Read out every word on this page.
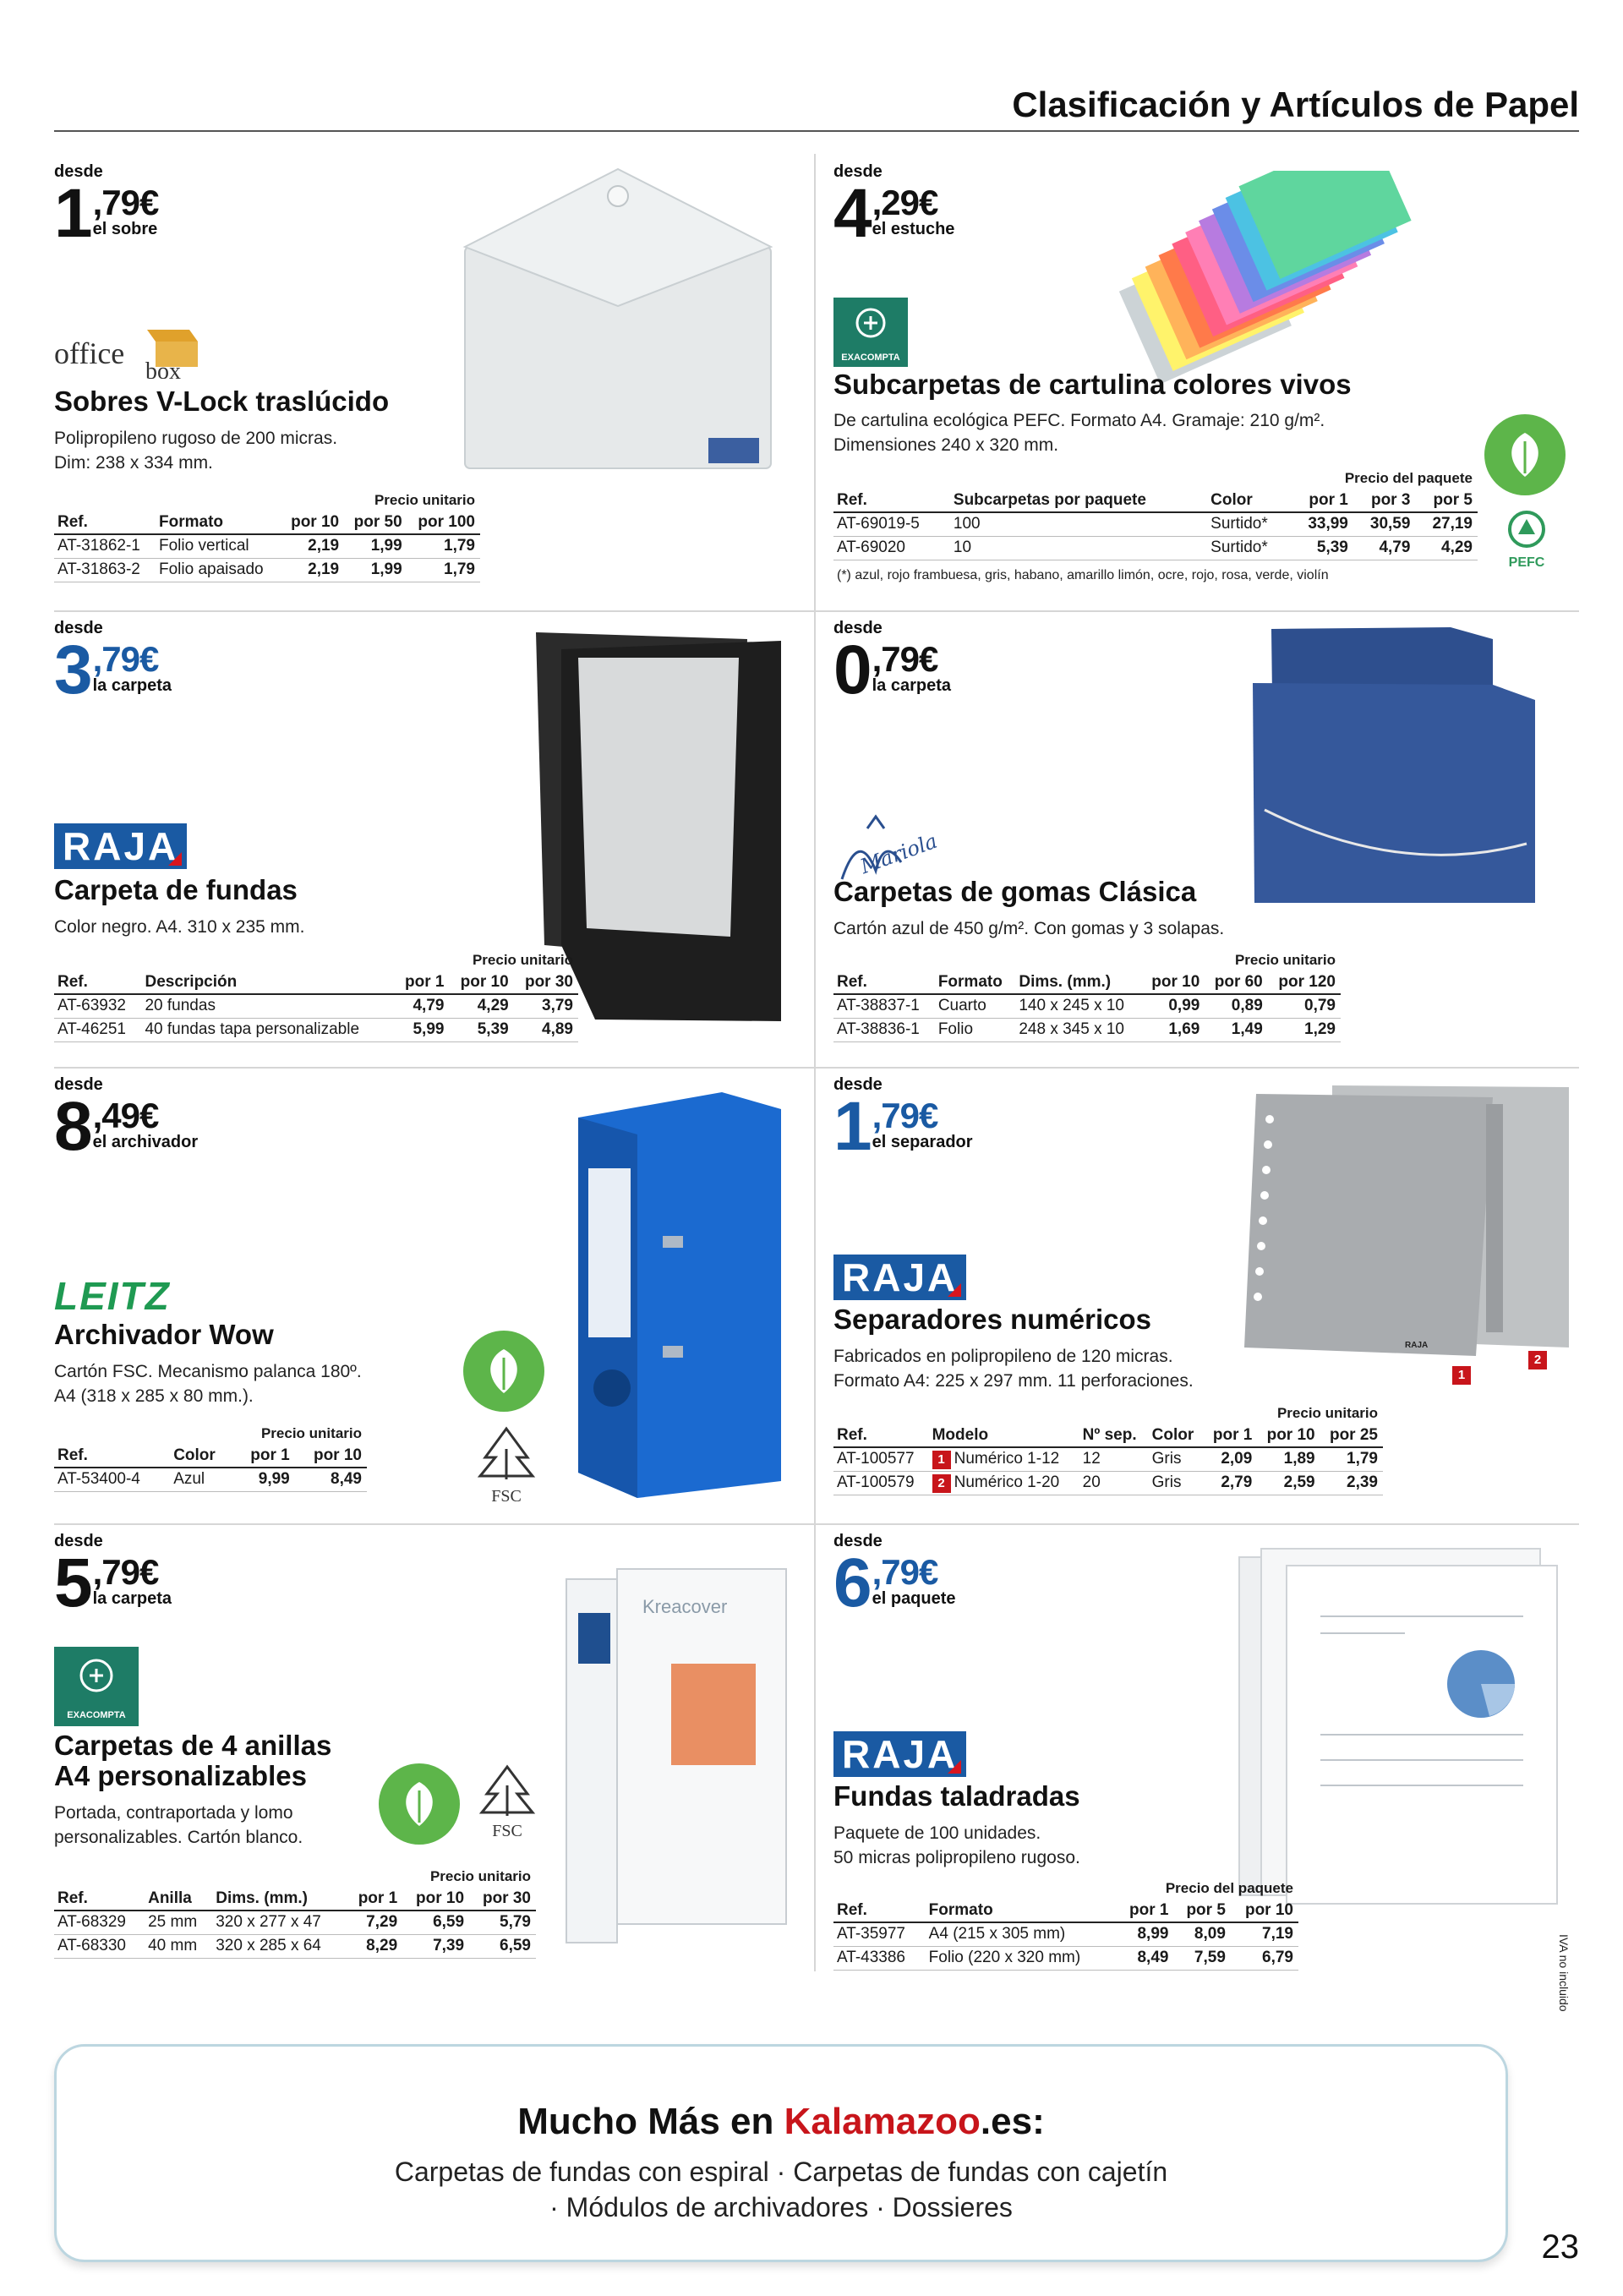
Clasificación y Artículos de Papel
desde
1 ,79€
el sobre
office
box
Sobres V-Lock traslúcido
Polipropileno rugoso de 200 micras.
Dim: 238 x 334 mm.
Precio unitario				
Ref.	Formato	por 10	por 50	por 100
AT-31862-1	Folio vertical	2,19	1,99	1,79
AT-31863-2	Folio apaisado	2,19	1,99	1,79
desde
4 ,29€
el estuche
EXACOMPTA
Subcarpetas de cartulina colores vivos
De cartulina ecológica PEFC. Formato A4. Gramaje: 210 g/m².
Dimensiones 240 x 320 mm.
Precio del paquete					
Ref.	Subcarpetas por paquete	Color	por 1	por 3	por 5
AT-69019-5	100	Surtido*	33,99	30,59	27,19
AT-69020	10	Surtido*	5,39	4,79	4,29
(*) azul, rojo frambuesa, gris, habano, amarillo limón, ocre, rojo, rosa, verde, violín
PEFC
desde
3 ,79€
la carpeta
RAJA
Carpeta de fundas
Color negro. A4. 310 x 235 mm.
Precio unitario				
Ref.	Descripción	por 1	por 10	por 30
AT-63932	20 fundas	4,79	4,29	3,79
AT-46251	40 fundas tapa personalizable	5,99	5,39	4,89
desde
0 ,79€
la carpeta
Mariola
Carpetas de gomas Clásica
Cartón azul de 450 g/m². Con gomas y 3 solapas.
Precio unitario					
Ref.	Formato	Dims. (mm.)	por 10	por 60	por 120
AT-38837-1	Cuarto	140 x 245 x 10	0,99	0,89	0,79
AT-38836-1	Folio	248 x 345 x 10	1,69	1,49	1,29
desde
8 ,49€
el archivador
LEITZ
Archivador Wow
Cartón FSC. Mecanismo palanca 180º.
A4 (318 x 285 x 80 mm.).
FSC
Precio unitario			
Ref.	Color	por 1	por 10
AT-53400-4	Azul	9,99	8,49
desde
1 ,79€
el separador
RAJA
1
2
RAJA
Separadores numéricos
Fabricados en polipropileno de 120 micras.
Formato A4: 225 x 297 mm. 11 perforaciones.
Precio unitario						
Ref.	Modelo	Nº sep.	Color	por 1	por 10	por 25
AT-100577	1 Numérico 1-12	12	Gris	2,09	1,89	1,79
AT-100579	2 Numérico 1-20	20	Gris	2,79	2,59	2,39
desde
5 ,79€
la carpeta	Kreacover
EXACOMPTA
Carpetas de 4 anillas
A4 personalizables
Portada, contraportada y lomo
personalizables. Cartón blanco.	FSC
Precio unitario					
Ref.	Anilla	Dims. (mm.)	por 1	por 10	por 30
AT-68329	25 mm	320 x 277 x 47	7,29	6,59	5,79
AT-68330	40 mm	320 x 285 x 64	8,29	7,39	6,59
desde
6 ,79€
el paquete
RAJA
Fundas taladradas
Paquete de 100 unidades.
50 micras polipropileno rugoso.
Precio del paquete				
Ref.	Formato	por 1	por 5	por 10
AT-35977	A4 (215 x 305 mm)	8,99	8,09	7,19
AT-43386	Folio (220 x 320 mm)	8,49	7,59	6,79	IVA no incluido
Mucho Más en Kalamazoo.es:
Carpetas de fundas con espiral · Carpetas de fundas con cajetín
· Módulos de archivadores · Dossieres
23
